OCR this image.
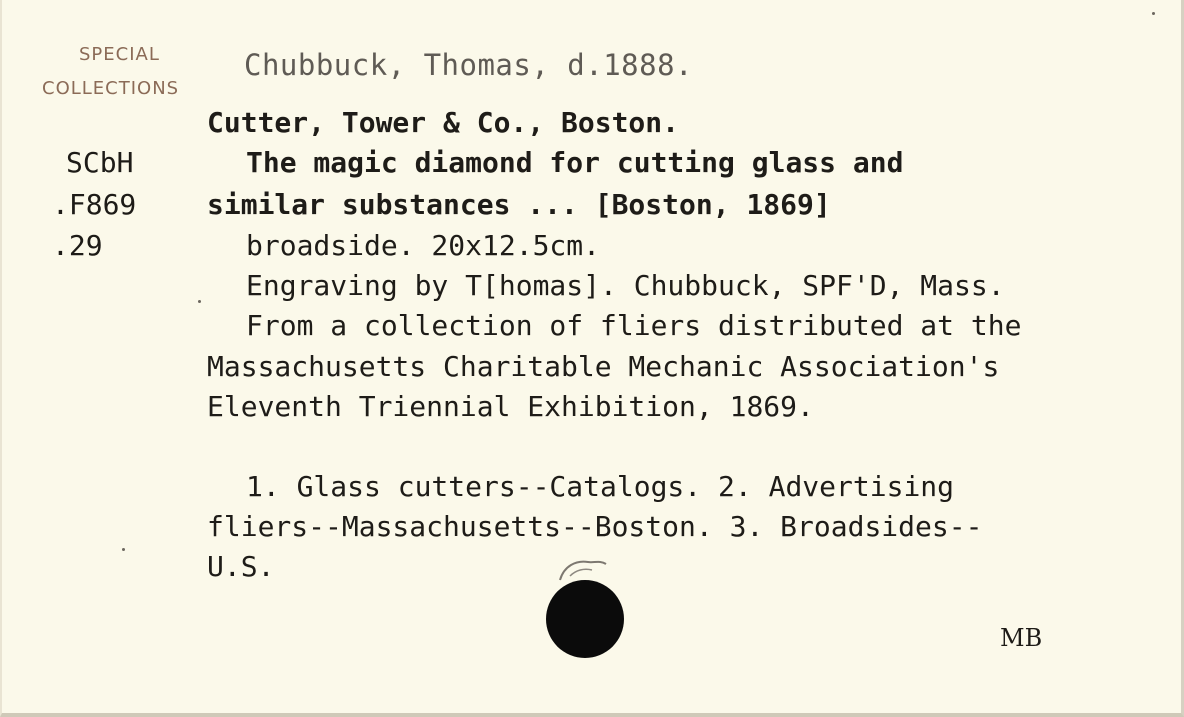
SPECIAL
COLLECTIONS
Chubbuck, Thomas, d.1888.
SCbH
.F869
.29
Cutter, Tower & Co., Boston.
The magic diamond for cutting glass and
similar substances ... [Boston, 1869]
broadside. 20x12.5cm.
Engraving by T[homas]. Chubbuck, SPF'D, Mass.
From a collection of fliers distributed at the
Massachusetts Charitable Mechanic Association's
Eleventh Triennial Exhibition, 1869.
1. Glass cutters--Catalogs. 2. Advertising
fliers--Massachusetts--Boston. 3. Broadsides--
U.S.
MB
